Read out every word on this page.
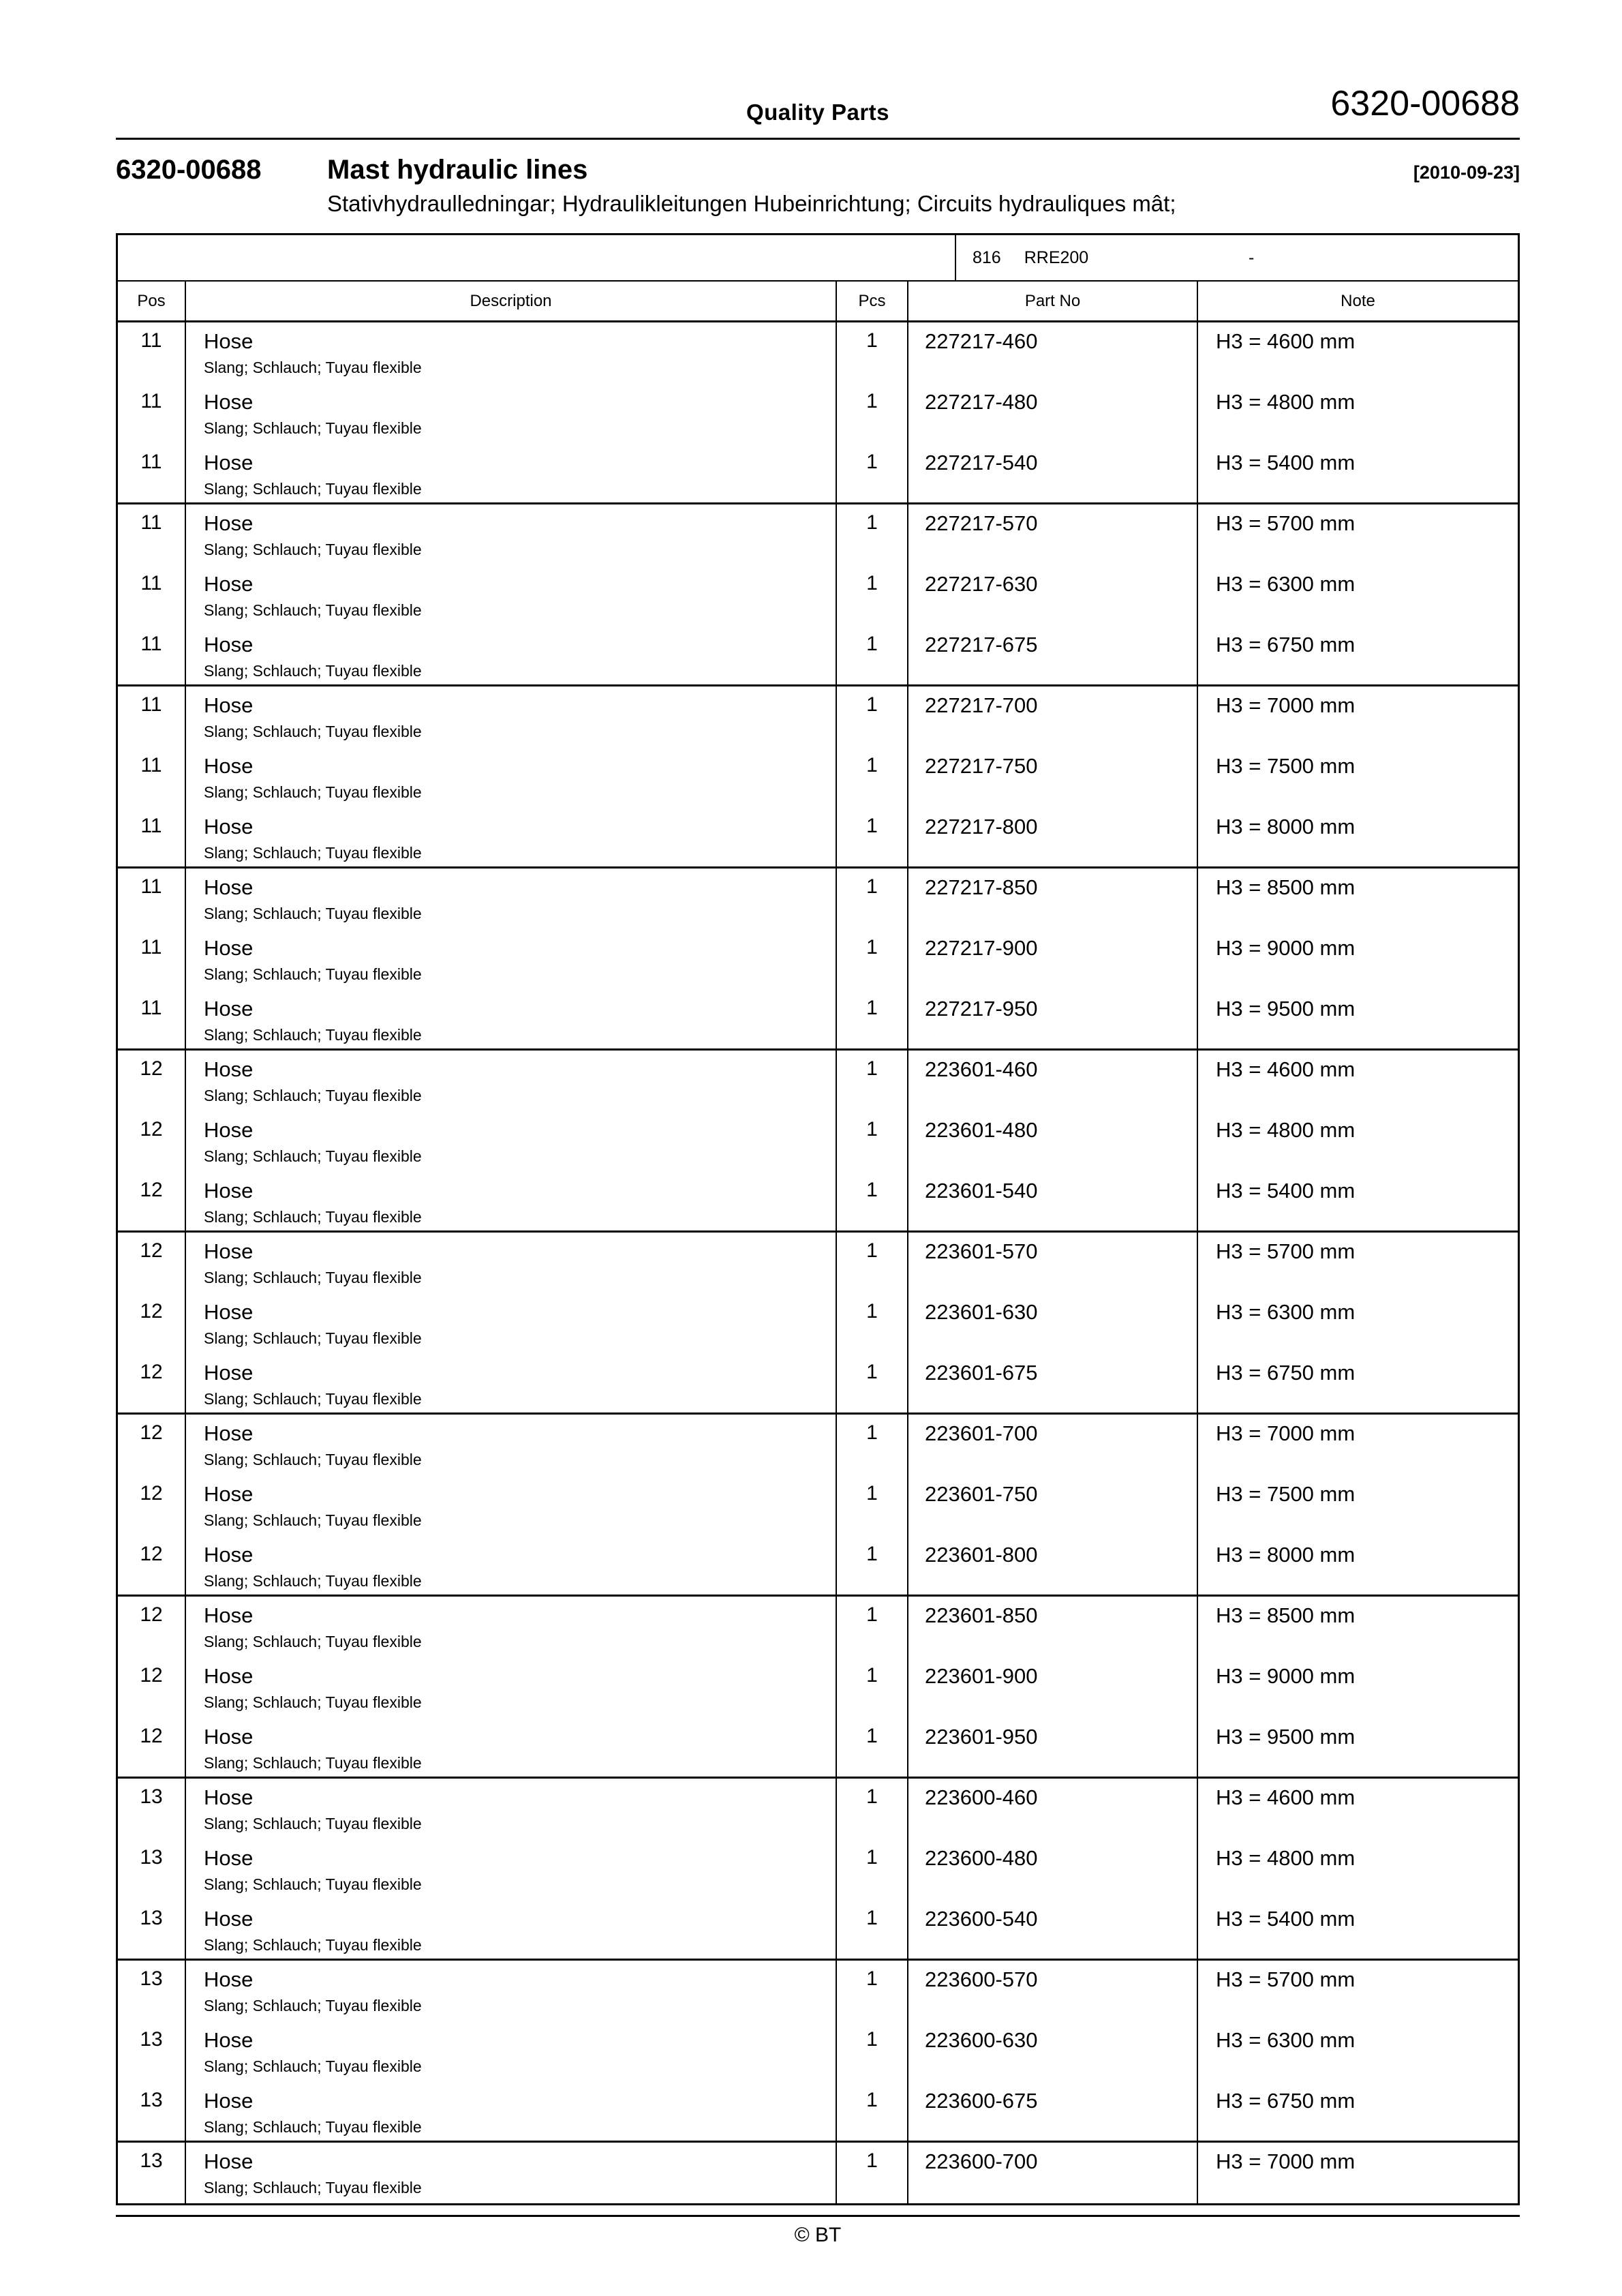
Quality Parts	6320-00688
6320-00688	Mast hydraulic lines	[2010-09-23]
Stativhydraulledningar; Hydraulikleitungen Hubeinrichtung; Circuits hydrauliques mât;
816 RRE200	-
Pos	Description	Pcs	Part No	Note
11	Hose
Slang; Schlauch; Tuyau flexible
1	227217-460	H3 = 4600 mm
11	Hose
Slang; Schlauch; Tuyau flexible
1	227217-480	H3 = 4800 mm
11	Hose
Slang; Schlauch; Tuyau flexible
1	227217-540	H3 = 5400 mm
11	Hose
Slang; Schlauch; Tuyau flexible
1	227217-570	H3 = 5700 mm
11	Hose
Slang; Schlauch; Tuyau flexible
1	227217-630	H3 = 6300 mm
11	Hose
Slang; Schlauch; Tuyau flexible
1	227217-675	H3 = 6750 mm
11	Hose
Slang; Schlauch; Tuyau flexible
1	227217-700	H3 = 7000 mm
11	Hose
Slang; Schlauch; Tuyau flexible
1	227217-750	H3 = 7500 mm
11	Hose
Slang; Schlauch; Tuyau flexible
1	227217-800	H3 = 8000 mm
11	Hose
Slang; Schlauch; Tuyau flexible
1	227217-850	H3 = 8500 mm
11	Hose
Slang; Schlauch; Tuyau flexible
1	227217-900	H3 = 9000 mm
11	Hose
Slang; Schlauch; Tuyau flexible
1	227217-950	H3 = 9500 mm
12	Hose
Slang; Schlauch; Tuyau flexible
1	223601-460	H3 = 4600 mm
12	Hose
Slang; Schlauch; Tuyau flexible
1	223601-480	H3 = 4800 mm
12	Hose
Slang; Schlauch; Tuyau flexible
1	223601-540	H3 = 5400 mm
12	Hose
Slang; Schlauch; Tuyau flexible
1	223601-570	H3 = 5700 mm
12	Hose
Slang; Schlauch; Tuyau flexible
1	223601-630	H3 = 6300 mm
12	Hose
Slang; Schlauch; Tuyau flexible
1	223601-675	H3 = 6750 mm
12	Hose
Slang; Schlauch; Tuyau flexible
1	223601-700	H3 = 7000 mm
12	Hose
Slang; Schlauch; Tuyau flexible
1	223601-750	H3 = 7500 mm
12	Hose
Slang; Schlauch; Tuyau flexible
1	223601-800	H3 = 8000 mm
12	Hose
Slang; Schlauch; Tuyau flexible
1	223601-850	H3 = 8500 mm
12	Hose
Slang; Schlauch; Tuyau flexible
1	223601-900	H3 = 9000 mm
12	Hose
Slang; Schlauch; Tuyau flexible
1	223601-950	H3 = 9500 mm
13	Hose
Slang; Schlauch; Tuyau flexible
1	223600-460	H3 = 4600 mm
13	Hose
Slang; Schlauch; Tuyau flexible
1	223600-480	H3 = 4800 mm
13	Hose
Slang; Schlauch; Tuyau flexible
1	223600-540	H3 = 5400 mm
13	Hose
Slang; Schlauch; Tuyau flexible
1	223600-570	H3 = 5700 mm
13	Hose
Slang; Schlauch; Tuyau flexible
1	223600-630	H3 = 6300 mm
13	Hose
Slang; Schlauch; Tuyau flexible
1	223600-675	H3 = 6750 mm
13	Hose
Slang; Schlauch; Tuyau flexible
1	223600-700	H3 = 7000 mm
© BT
